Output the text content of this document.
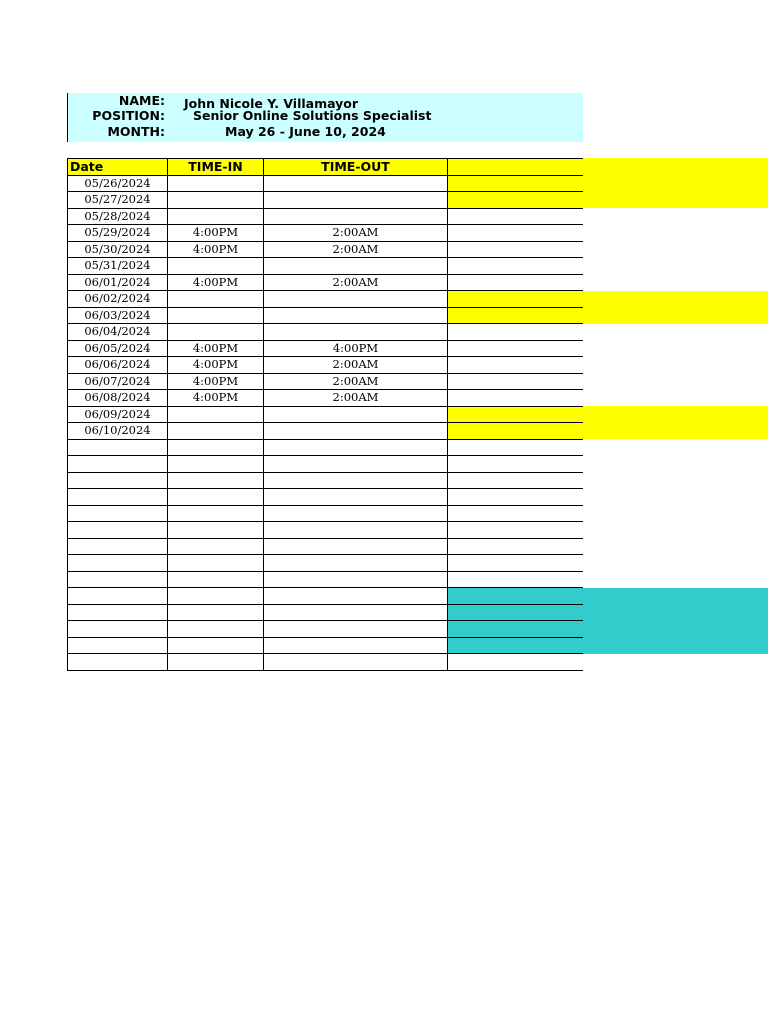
NAME: John Nicole Y. Villamayor
POSITION: Senior Online Solutions Specialist
MONTH:	May 26 - June 10, 2024
Date	TIME-IN	TIME-OUT	
05/26/2024			
05/27/2024			
05/28/2024			
05/29/2024	4:00PM	2:00AM	
05/30/2024	4:00PM	2:00AM	
05/31/2024			
06/01/2024	4:00PM	2:00AM	
06/02/2024			
06/03/2024			
06/04/2024			
06/05/2024	4:00PM	4:00PM	
06/06/2024	4:00PM	2:00AM	
06/07/2024	4:00PM	2:00AM	
06/08/2024	4:00PM	2:00AM	
06/09/2024			
06/10/2024			
